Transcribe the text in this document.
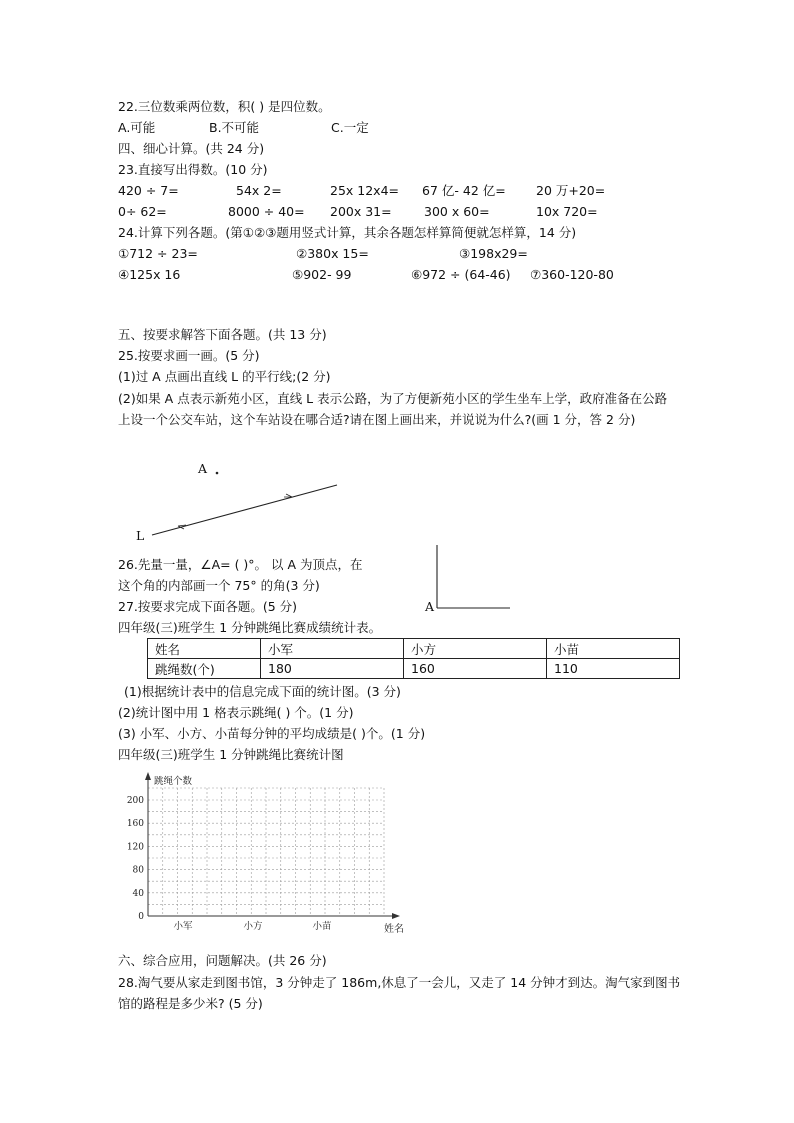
22.三位数乘两位数，积( ) 是四位数。
A.可能	B.不可能	C.一定
四、细心计算。(共 24 分)
23.直接写出得数。(10 分)
420 ÷ 7=	54x 2=	25x 12x4= 67 亿- 42 亿= 20 万+20=
0÷ 62=	8000 ÷ 40= 200x 31=	300 x 60=	10x 720=
24.计算下列各题。(第①②③题用竖式计算，其余各题怎样算简便就怎样算，14 分)
①712 ÷ 23=	②380x 15=	③198x29=
④125x 16	⑤902- 99	⑥972 ÷ (64-46) ⑦360-120-80
五、按要求解答下面各题。(共 13 分)
25.按要求画一画。(5 分)
(1)过 A 点画出直线 L 的平行线;(2 分)
(2)如果 A 点表示新苑小区，直线 L 表示公路，为了方便新苑小区的学生坐车上学，政府准备在公路上设一个公交车站，这个车站设在哪合适?请在图上画出来，并说说为什么?(画 1 分，答 2 分)
A
L
26.先量一量，∠A= ( )°。 以 A 为顶点，在
这个角的内部画一个 75° 的角(3 分)
A
27.按要求完成下面各题。(5 分)
四年级(三)班学生 1 分钟跳绳比赛成绩统计表。
姓名	小军	小方	小苗
跳绳数(个)	180	160	110
(1)根据统计表中的信息完成下面的统计图。(3 分)
(2)统计图中用 1 格表示跳绳( ) 个。(1 分)
(3) 小军、小方、小苗每分钟的平均成绩是( )个。(1 分)
四年级(三)班学生 1 分钟跳绳比赛统计图
0
40
80
120
160
200
跳绳个数
姓名
小军	小方	小苗
六、综合应用，问题解决。(共 26 分)
28.淘气要从家走到图书馆，3 分钟走了 186m,休息了一会儿，又走了 14 分钟才到达。淘气家到图书馆的路程是多少米? (5 分)
